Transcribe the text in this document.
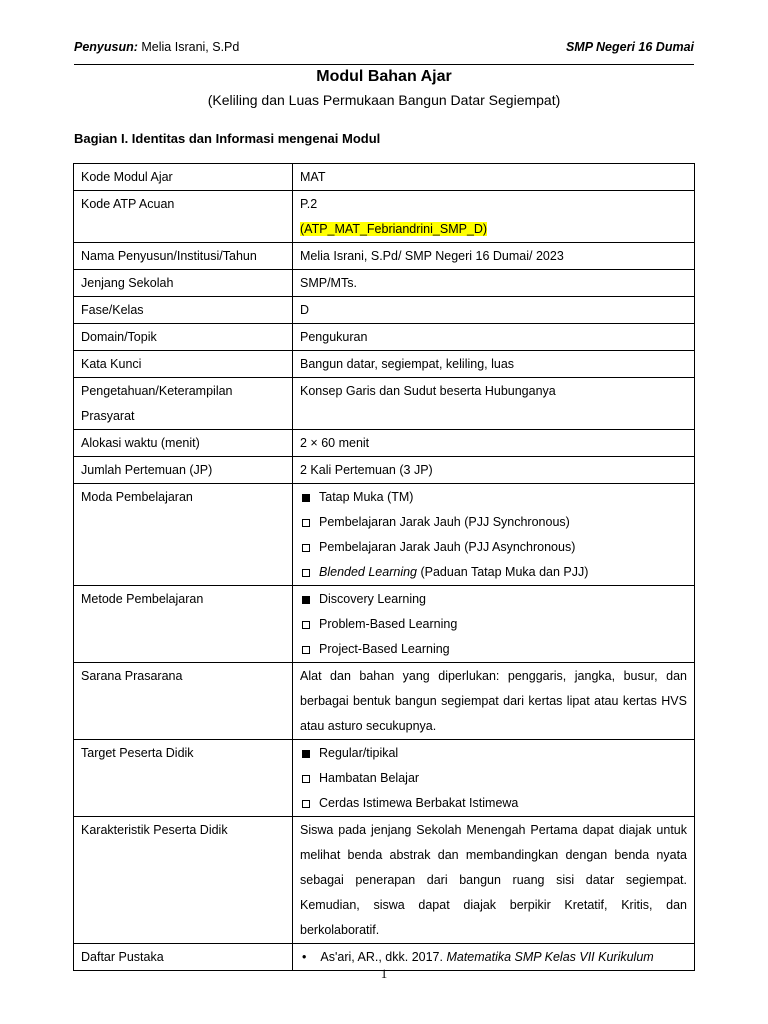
Penyusun: Melia Israni, S.Pd	SMP Negeri 16 Dumai
Modul Bahan Ajar
(Keliling dan Luas Permukaan Bangun Datar Segiempat)
Bagian I. Identitas dan Informasi mengenai Modul
Kode Modul Ajar	MAT
Kode ATP Acuan	P.2
(ATP_MAT_Febriandrini_SMP_D)

Nama Penyusun/Institusi/Tahun	Melia Israni, S.Pd/ SMP Negeri 16 Dumai/ 2023
Jenjang Sekolah	SMP/MTs.
Fase/Kelas	D
Domain/Topik	Pengukuran
Kata Kunci	Bangun datar, segiempat, keliling, luas

Pengetahuan/Keterampilan
Prasyarat	Konsep Garis dan Sudut beserta Hubunganya
Alokasi waktu (menit)	2 × 60 menit
Jumlah Pertemuan (JP)	2 Kali Pertemuan (3 JP)
Moda Pembelajaran	Tatap Muka (TM)
Pembelajaran Jarak Jauh (PJJ Synchronous)
Pembelajaran Jarak Jauh (PJJ Asynchronous)
Blended Learning (Paduan Tatap Muka dan PJJ)

Metode Pembelajaran	Discovery Learning
Problem-Based Learning
Project-Based Learning

Sarana Prasarana	Alat dan bahan yang diperlukan: penggaris, jangka, busur, dan berbagai bentuk bangun segiempat dari kertas lipat atau kertas HVS atau asturo secukupnya.
Target Peserta Didik	Regular/tipikal
Hambatan Belajar
Cerdas Istimewa Berbakat Istimewa

Karakteristik Peserta Didik	Siswa pada jenjang Sekolah Menengah Pertama dapat diajak untuk melihat benda abstrak dan membandingkan dengan benda nyata sebagai penerapan dari bangun ruang sisi datar segiempat. Kemudian, siswa dapat diajak berpikir Kretatif, Kritis, dan berkolaboratif.
Daftar Pustaka	• As'ari, AR., dkk. 2017. Matematika SMP Kelas VII Kurikulum
1
